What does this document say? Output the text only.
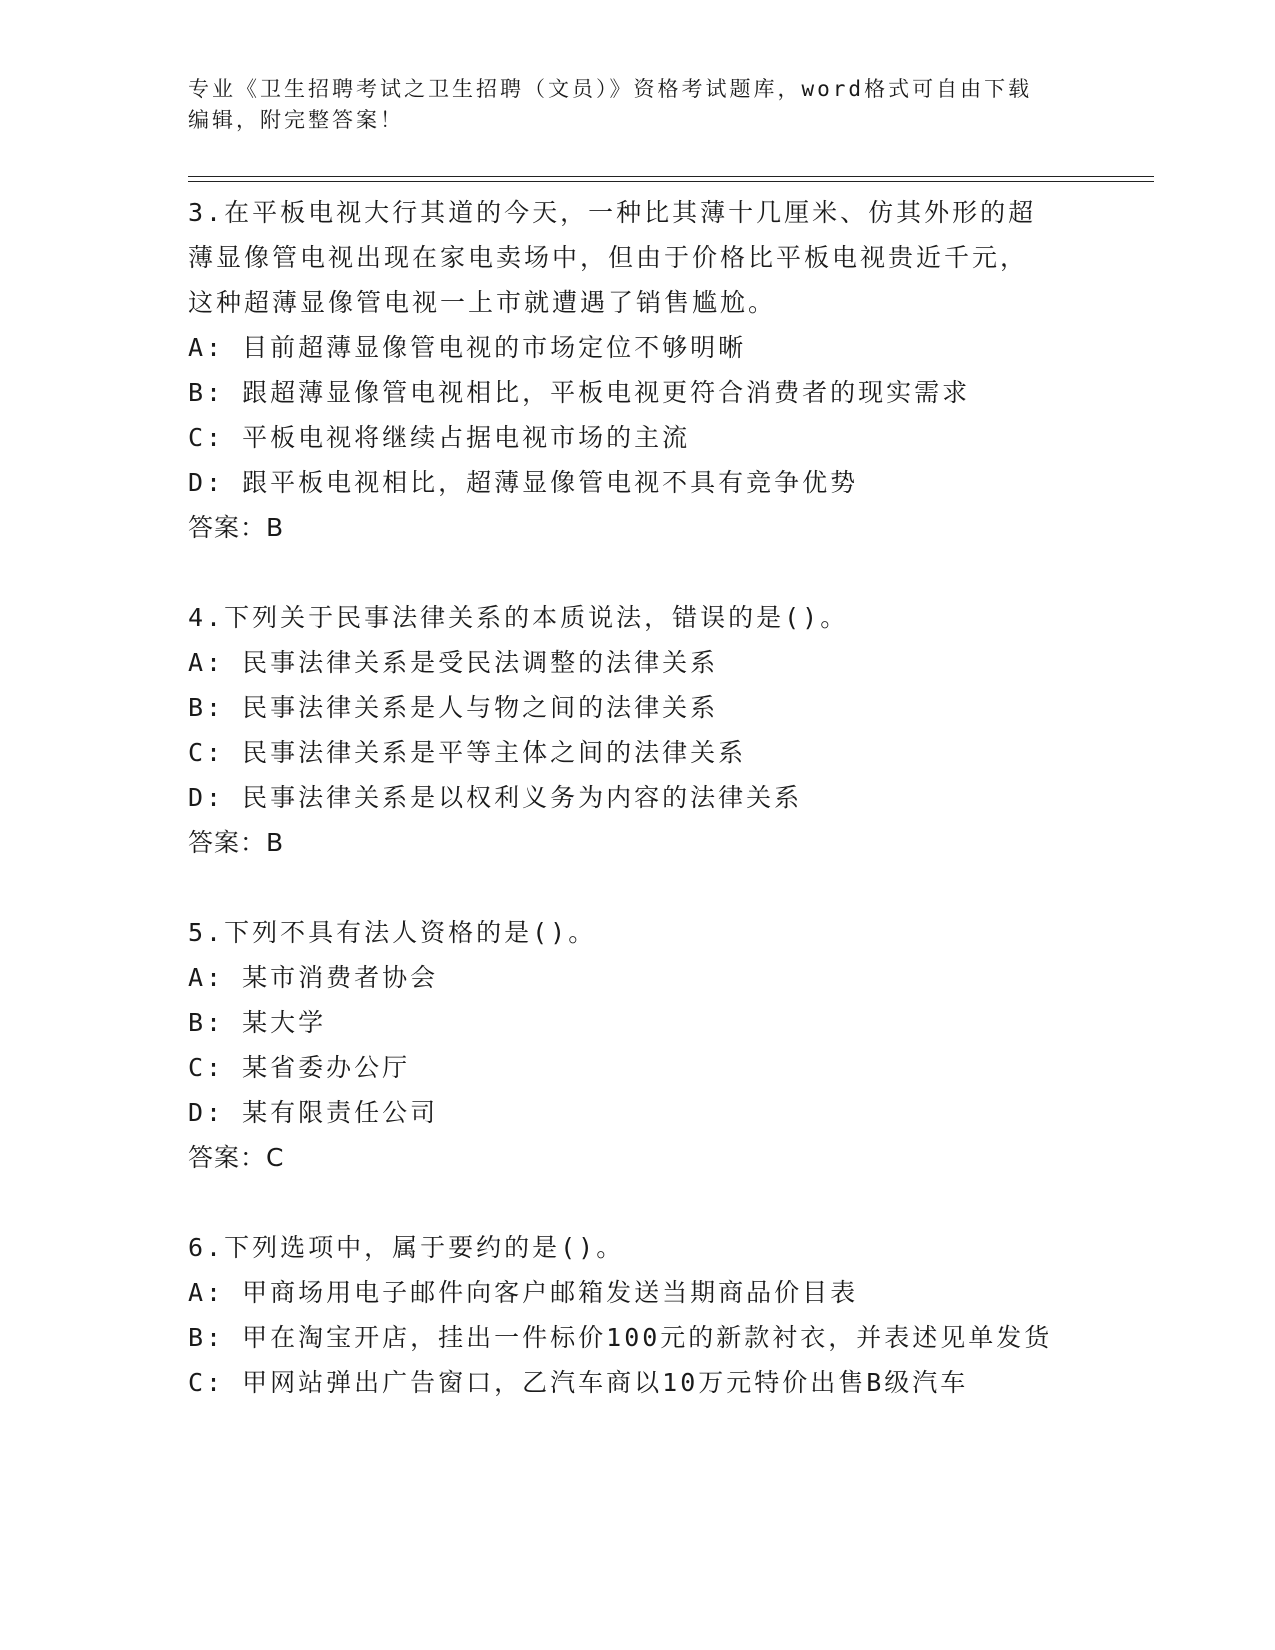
专业《卫生招聘考试之卫生招聘（文员）》资格考试题库，word格式可自由下载
编辑，附完整答案！

3.在平板电视大行其道的今天，一种比其薄十几厘米、仿其外形的超

薄显像管电视出现在家电卖场中，但由于价格比平板电视贵近千元，

这种超薄显像管电视一上市就遭遇了销售尴尬。

A: 目前超薄显像管电视的市场定位不够明晰

B: 跟超薄显像管电视相比，平板电视更符合消费者的现实需求

C: 平板电视将继续占据电视市场的主流

D: 跟平板电视相比，超薄显像管电视不具有竞争优势

答案：B

4.下列关于民事法律关系的本质说法，错误的是()。

A: 民事法律关系是受民法调整的法律关系

B: 民事法律关系是人与物之间的法律关系

C: 民事法律关系是平等主体之间的法律关系

D: 民事法律关系是以权利义务为内容的法律关系

答案：B

5.下列不具有法人资格的是()。

A: 某市消费者协会

B: 某大学

C: 某省委办公厅

D: 某有限责任公司

答案：C

6.下列选项中，属于要约的是()。

A: 甲商场用电子邮件向客户邮箱发送当期商品价目表

B: 甲在淘宝开店，挂出一件标价100元的新款衬衣，并表述见单发货

C: 甲网站弹出广告窗口，乙汽车商以10万元特价出售B级汽车
